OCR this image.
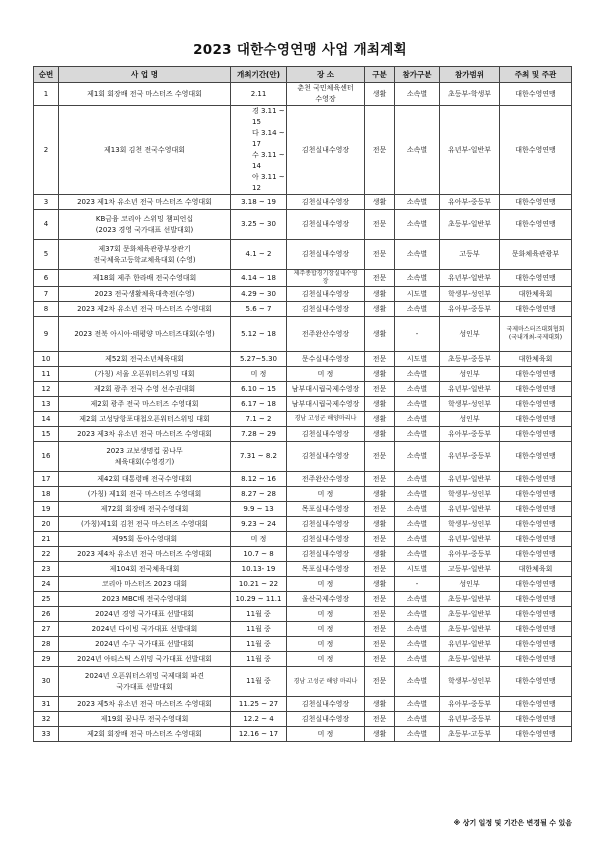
2023 대한수영연맹 사업 개최계획
순번	사 업 명	개최기간(안)	장 소	구분	참가구분	참가범위	주최 및 주관
1	제1회 회장배 전국 마스터즈 수영대회	2.11	춘천 국민체육센터
수영장	생활	소속별	초등부-학생부	대한수영연맹

2	제13회 김천 전국수영대회	경 3.11 ~ 15
다 3.14 ~ 17
수 3.11 ~ 14
아 3.11 ~ 12	김천실내수영장	전문	소속별	유년부-일반부	대한수영연맹

3	2023 제1차 유소년 전국 마스터즈 수영대회	3.18 ~ 19	김천실내수영장	생활	소속별	유아부-중등부	대한수영연맹

4	KB금융 코리아 스위밍 챔피언십
(2023 경영 국가대표 선발대회)	3.25 ~ 30	김천실내수영장	전문	소속별	초등부-일반부	대한수영연맹

5	제37회 문화체육관광부장관기
전국체육고등학교체육대회 (수영)	4.1 ~ 2	김천실내수영장	전문	소속별	고등부	문화체육관광부

6	제18회 제주 한라배 전국수영대회	4.14 ~ 18	제주종합경기장실내수영
장	전문	소속별	유년부-일반부	대한수영연맹

7	2023 전국생활체육대축전(수영)	4.29 ~ 30	김천실내수영장	생활	시도별	학생부-성인부	대한체육회

8	2023 제2차 유소년 전국 마스터즈 수영대회	5.6 ~ 7	김천실내수영장	생활	소속별	유아부-중등부	대한수영연맹

9	2023 전북 아시아·태평양 마스터즈대회(수영)	5.12 ~ 18	전주완산수영장	생활	-	성인부	국제마스터즈대회협회
(국내개최-국제대회)

10	제52회 전국소년체육대회	5.27~5.30	문수실내수영장	전문	시도별	초등부-중등부	대한체육회

11	(가칭) 서울 오픈워터스위밍 대회	미 정	미 정	생활	소속별	성인부	대한수영연맹

12	제2회 광주 전국 수영 선수권대회	6.10 ~ 15	남부대시립국제수영장	전문	소속별	유년부-일반부	대한수영연맹

13	제2회 광주 전국 마스터즈 수영대회	6.17 ~ 18	남부대시립국제수영장	생활	소속별	학생부-성인부	대한수영연맹

14	제2회 고성당항포대첩오픈워터스위밍 대회	7.1 ~ 2	경남 고성군 해양마리나	생활	소속별	성인부	대한수영연맹

15	2023 제3차 유소년 전국 마스터즈 수영대회	7.28 ~ 29	김천실내수영장	생활	소속별	유아부-중등부	대한수영연맹

16	2023 교보생명컵 꿈나무
체육대회(수영경기)	7.31 ~ 8.2	김천실내수영장	전문	소속별	유년부-중등부	대한수영연맹

17	제42회 대통령배 전국수영대회	8.12 ~ 16	전주완산수영장	전문	소속별	유년부-일반부	대한수영연맹

18	(가칭) 제1회 전국 마스터즈 수영대회	8.27 ~ 28	미 정	생활	소속별	학생부-성인부	대한수영연맹

19	제72회 회장배 전국수영대회	9.9 ~ 13	목포실내수영장	전문	소속별	유년부-일반부	대한수영연맹

20	(가칭)제1회 김천 전국 마스터즈 수영대회	9.23 ~ 24	김천실내수영장	생활	소속별	학생부-성인부	대한수영연맹

21	제95회 동아수영대회	미 정	김천실내수영장	전문	소속별	유년부-일반부	대한수영연맹

22	2023 제4차 유소년 전국 마스터즈 수영대회	10.7 ~ 8	김천실내수영장	생활	소속별	유아부-중등부	대한수영연맹

23	제104회 전국체육대회	10.13- 19	목포실내수영장	전문	시도별	고등부-일반부	대한체육회

24	코리아 마스터즈 2023 대회	10.21 ~ 22	미 정	생활	-	성인부	대한수영연맹

25	2023 MBC배 전국수영대회	10.29 ~ 11.1	울산국제수영장	전문	소속별	초등부-일반부	대한수영연맹

26	2024년 경영 국가대표 선발대회	11월 중	미 정	전문	소속별	초등부-일반부	대한수영연맹

27	2024년 다이빙 국가대표 선발대회	11월 중	미 정	전문	소속별	초등부-일반부	대한수영연맹

28	2024년 수구 국가대표 선발대회	11월 중	미 정	전문	소속별	유년부-일반부	대한수영연맹

29	2024년 아티스틱 스위밍 국가대표 선발대회	11월 중	미 정	전문	소속별	초등부-일반부	대한수영연맹

30	2024년 오픈워터스위밍 국제대회 파견
국가대표 선발대회	11월 중	경남 고성군 해양 마리나	전문	소속별	학생부-성인부	대한수영연맹

31	2023 제5차 유소년 전국 마스터즈 수영대회	11.25 ~ 27	김천실내수영장	생활	소속별	유아부-중등부	대한수영연맹

32	제19회 꿈나무 전국수영대회	12.2 ~ 4	김천실내수영장	전문	소속별	유년부-중등부	대한수영연맹

33	제2회 회장배 전국 마스터즈 수영대회	12.16 ~ 17	미 정	생활	소속별	초등부-고등부	대한수영연맹
※ 상기 일정 및 기간은 변경될 수 있음
